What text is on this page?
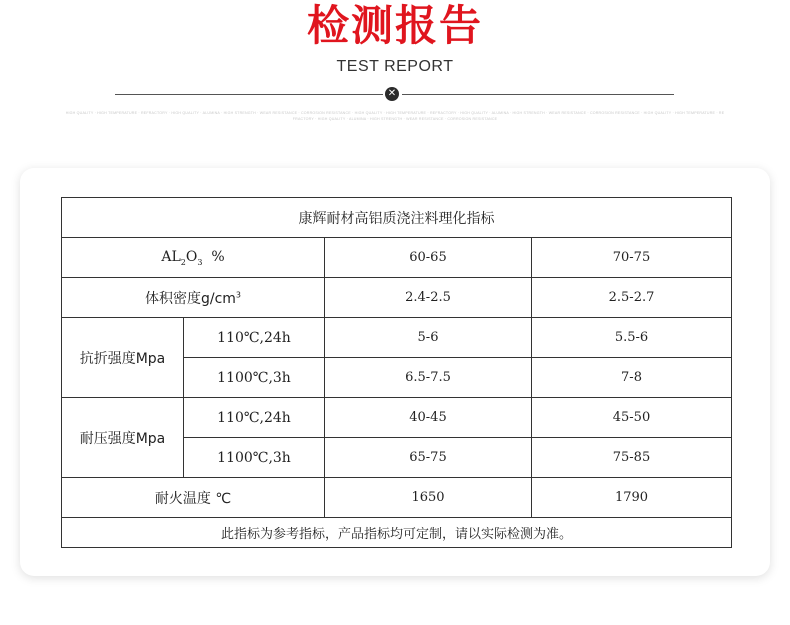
检测报告
TEST REPORT
✕
HIGH QUALITY · HIGH TEMPERATURE · REFRACTORY · HIGH QUALITY · ALUMINA · HIGH STRENGTH · WEAR RESISTANCE · CORROSION RESISTANCE · HIGH QUALITY · HIGH TEMPERATURE · REFRACTORY · HIGH QUALITY · ALUMINA · HIGH STRENGTH · WEAR RESISTANCE · CORROSION RESISTANCE · HIGH QUALITY · HIGH TEMPERATURE · REFRACTORY · HIGH QUALITY · ALUMINA · HIGH STRENGTH · WEAR RESISTANCE · CORROSION RESISTANCE
康辉耐材高铝质浇注料理化指标			
$AL_2O_3$  %		60-65	70-75
体积密度$g/cm^3$		2.4-2.5	2.5-2.7
抗折强度Mpa	110℃,24h	5-6	5.5-6
	1100℃,3h	6.5-7.5	7-8
耐压强度Mpa	110℃,24h	40-45	45-50
	1100℃,3h	65-75	75-85
耐火温度 ℃		1650	1790
此指标为参考指标，产品指标均可定制，请以实际检测为准。			
